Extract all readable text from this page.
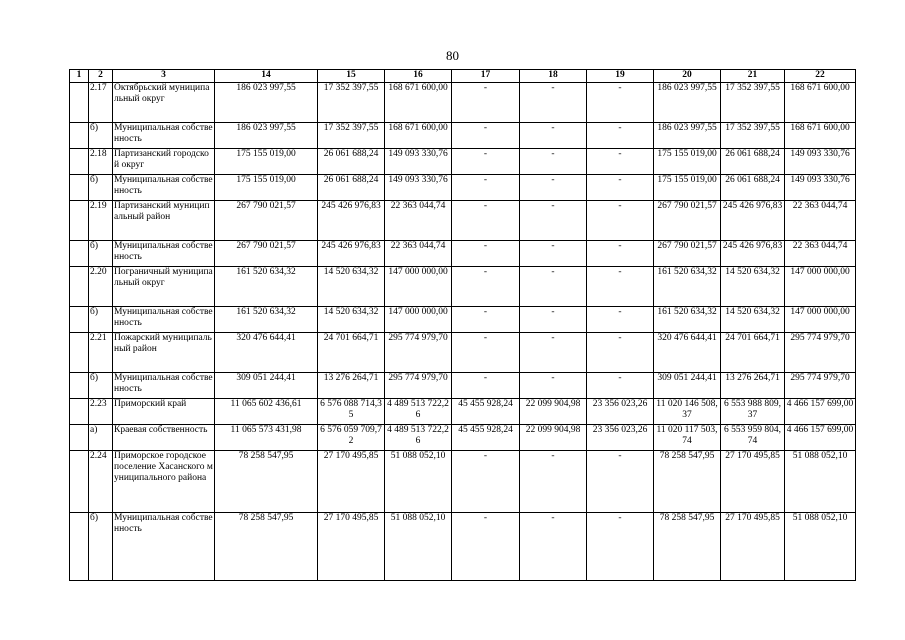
80
1	2	3	14	15	16	17	18	19	20	21	22
	2.17	Октябрьский муниципальный округ	186 023 997,55	17 352 397,55	168 671 600,00	-	-	-	186 023 997,55	17 352 397,55	168 671 600,00
	б)	Муниципальная собственность	186 023 997,55	17 352 397,55	168 671 600,00	-	-	-	186 023 997,55	17 352 397,55	168 671 600,00
	2.18	Партизанский городской округ	175 155 019,00	26 061 688,24	149 093 330,76	-	-	-	175 155 019,00	26 061 688,24	149 093 330,76
	б)	Муниципальная собственность	175 155 019,00	26 061 688,24	149 093 330,76	-	-	-	175 155 019,00	26 061 688,24	149 093 330,76
	2.19	Партизанский муниципальный район	267 790 021,57	245 426 976,83	22 363 044,74	-	-	-	267 790 021,57	245 426 976,83	22 363 044,74
	б)	Муниципальная собственность	267 790 021,57	245 426 976,83	22 363 044,74	-	-	-	267 790 021,57	245 426 976,83	22 363 044,74
	2.20	Пограничный муниципальный округ	161 520 634,32	14 520 634,32	147 000 000,00	-	-	-	161 520 634,32	14 520 634,32	147 000 000,00
	б)	Муниципальная собственность	161 520 634,32	14 520 634,32	147 000 000,00	-	-	-	161 520 634,32	14 520 634,32	147 000 000,00
	2.21	Пожарский муниципальный район	320 476 644,41	24 701 664,71	295 774 979,70	-	-	-	320 476 644,41	24 701 664,71	295 774 979,70
	б)	Муниципальная собственность	309 051 244,41	13 276 264,71	295 774 979,70	-	-	-	309 051 244,41	13 276 264,71	295 774 979,70
	2.23	Приморский край	11 065 602 436,61	6 576 088 714,35	4 489 513 722,26	45 455 928,24	22 099 904,98	23 356 023,26	11 020 146 508,37	6 553 988 809,37	4 466 157 699,00
	а)	Краевая собственность	11 065 573 431,98	6 576 059 709,72	4 489 513 722,26	45 455 928,24	22 099 904,98	23 356 023,26	11 020 117 503,74	6 553 959 804,74	4 466 157 699,00
	2.24	Приморское городское поселение Хасанского муниципального района	78 258 547,95	27 170 495,85	51 088 052,10	-	-	-	78 258 547,95	27 170 495,85	51 088 052,10
	б)	Муниципальная собственность	78 258 547,95	27 170 495,85	51 088 052,10	-	-	-	78 258 547,95	27 170 495,85	51 088 052,10
